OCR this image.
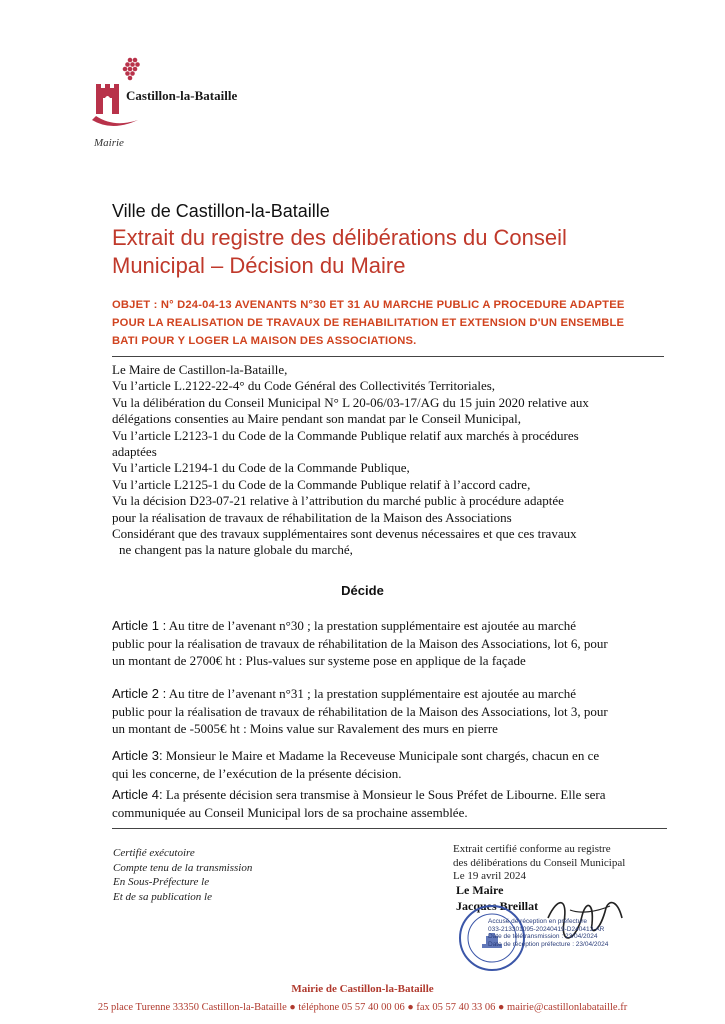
Castillon-la-Bataille
Mairie
Ville de Castillon-la-Bataille
Extrait du registre des délibérations du Conseil
Municipal – Décision du Maire
OBJET : N° D24-04-13 AVENANTS N°30 ET 31 AU MARCHE PUBLIC A PROCEDURE ADAPTEE
POUR LA REALISATION DE TRAVAUX DE REHABILITATION ET EXTENSION D'UN ENSEMBLE
BATI POUR Y LOGER LA MAISON DES ASSOCIATIONS.
Le Maire de Castillon-la-Bataille,
Vu l’article L.2122-22-4° du Code Général des Collectivités Territoriales,
Vu la délibération du Conseil Municipal N° L 20-06/03-17/AG du 15 juin 2020 relative aux
délégations consenties au Maire pendant son mandat par le Conseil Municipal,
Vu l’article L2123-1 du Code de la Commande Publique relatif aux marchés à procédures
adaptées
Vu l’article L2194-1 du Code de la Commande Publique,
Vu l’article L2125-1 du Code de la Commande Publique relatif à l’accord cadre,
Vu la décision D23-07-21 relative à l’attribution du marché public à procédure adaptée
pour la réalisation de travaux de réhabilitation de la Maison des Associations
Considérant que des travaux supplémentaires sont devenus nécessaires et que ces travaux
ne changent pas la nature globale du marché,
Décide
Article 1 : Au titre de l’avenant n°30 ; la prestation supplémentaire est ajoutée au marché
public pour la réalisation de travaux de réhabilitation de la Maison des Associations, lot 6, pour
un montant de 2700€ ht : Plus-values sur systeme pose en applique de la façade
Article 2 : Au titre de l’avenant n°31 ; la prestation supplémentaire est ajoutée au marché
public pour la réalisation de travaux de réhabilitation de la Maison des Associations, lot 3, pour
un montant de -5005€ ht : Moins value sur Ravalement des murs en pierre
Article 3: Monsieur le Maire et Madame la Receveuse Municipale sont chargés, chacun en ce
qui les concerne, de l’exécution de la présente décision.
Article 4: La présente décision sera transmise à Monsieur le Sous Préfet de Libourne. Elle sera
communiquée au Conseil Municipal lors de sa prochaine assemblée.
Certifié exécutoire
Compte tenu de la transmission
En Sous-Préfecture le
Et de sa publication le
Extrait certifié conforme au registre
des délibérations du Conseil Municipal
Le 19 avril 2024
Le Maire
Jacques Breillat
Accusé de réception en préfecture
033-213301095-20240419-D240413-AR
Date de télétransmission : 23/04/2024
Date de réception préfecture : 23/04/2024
Mairie de Castillon-la-Bataille
25 place Turenne 33350 Castillon-la-Bataille ● téléphone 05 57 40 00 06 ● fax 05 57 40 33 06 ● mairie@castillonlabataille.fr
